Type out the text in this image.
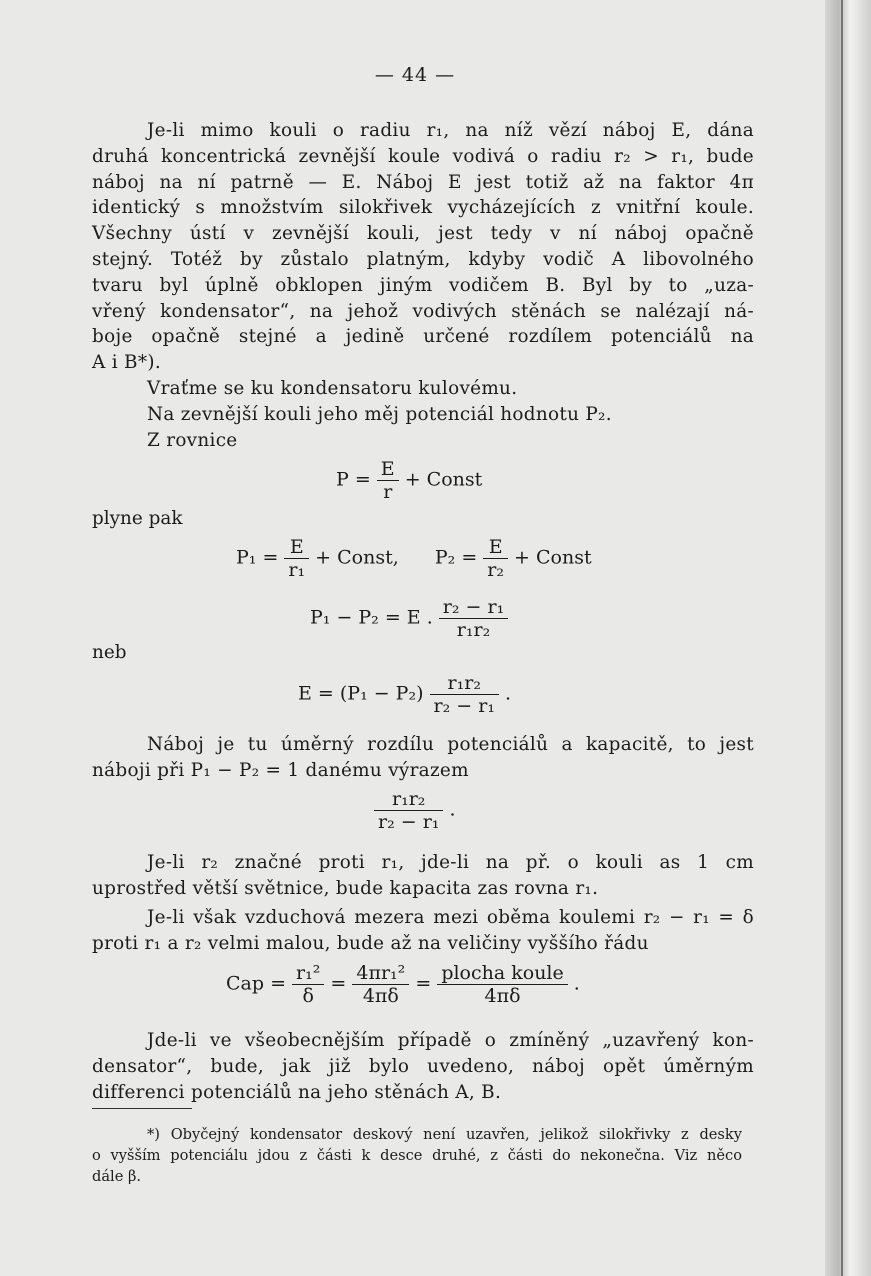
— 44 —
Je-li mimo kouli o radiu r₁, na níž vězí náboj E, dána
druhá koncentrická zevnější koule vodivá o radiu r₂ > r₁, bude
náboj na ní patrně — E. Náboj E jest totiž až na faktor 4π
identický s množstvím silokřivek vycházejících z vnitřní koule.
Všechny ústí v zevnější kouli, jest tedy v ní náboj opačně
stejný. Totéž by zůstalo platným, kdyby vodič A libovolného
tvaru byl úplně obklopen jiným vodičem B. Byl by to „uza-
vřený kondensator“, na jehož vodivých stěnách se nalézají ná-
boje opačně stejné a jedině určené rozdílem potenciálů na
A i B*).
Vraťme se ku kondensatoru kulovému.
Na zevnější kouli jeho měj potenciál hodnotu P₂.
Z rovnice
$P = \frac{E}{r}$ + Const
plyne pak
$P_1 = \frac{E}{\text{r₁}}$ + Const, $P_2 = \frac{E}{\text{r₂}}$ + Const
P₁ − P₂ = E . $\frac{\text{r₂ − r₁}}{\text{r₁r₂}}$
neb
$E = (P_1 - P_2) \frac{\text{r₁r₂}}{\text{r₂ − r₁}}$ .
Náboj je tu úměrný rozdílu potenciálů a kapacitě, to jest
náboji při P₁ − P₂ = 1 danému výrazem
$\frac{\text{r₁r₂}}{\text{r₂ − r₁}}$ .
Je-li r₂ značné proti r₁, jde-li na př. o kouli as 1 cm
uprostřed větší světnice, bude kapacita zas rovna r₁.
Je-li však vzduchová mezera mezi oběma koulemi r₂ − r₁ = δ
proti r₁ a r₂ velmi malou, bude až na veličiny vyššího řádu
Cap = $\frac{\text{r₁²}}{\delta} = \frac{\text{4πr₁²}}{4\pi\delta} = \frac{\text{plocha koule}}{4\pi\delta}$ .
Jde-li ve všeobecnějším případě o zmíněný „uzavřený kon-
densator“, bude, jak již bylo uvedeno, náboj opět úměrným
differenci potenciálů na jeho stěnách A, B.
*) Obyčejný kondensator deskový není uzavřen, jelikož silokřivky z desky
o vyšším potenciálu jdou z části k desce druhé, z části do nekonečna. Viz něco
dále β.
